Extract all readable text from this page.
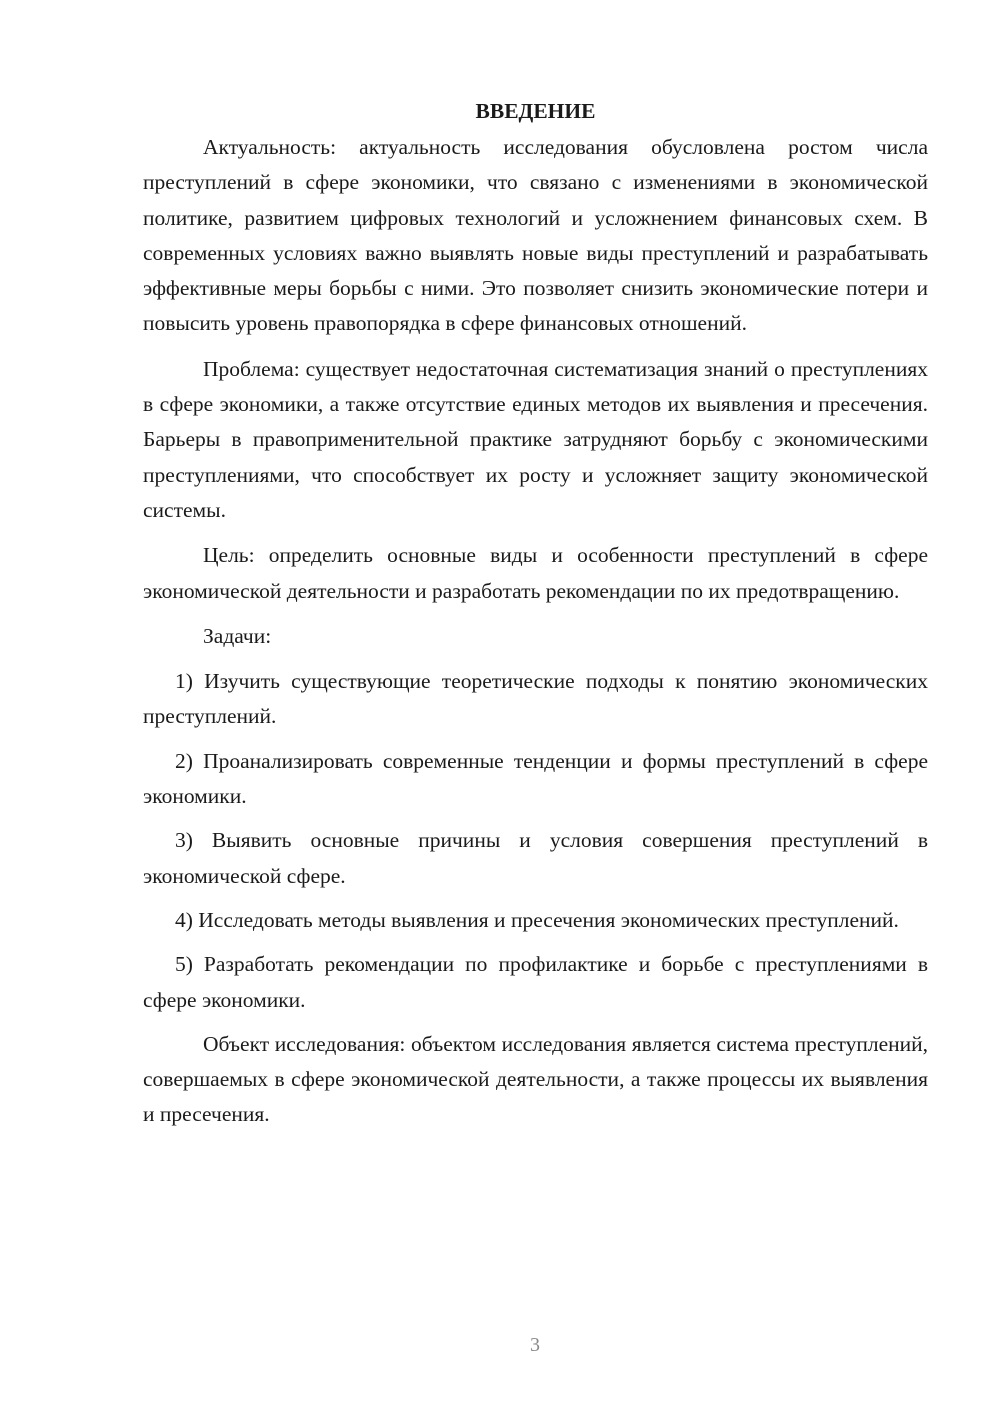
ВВЕДЕНИЕ

Актуальность: актуальность исследования обусловлена ростом числа преступлений в сфере экономики, что связано с изменениями в экономической политике, развитием цифровых технологий и усложнением финансовых схем. В современных условиях важно выявлять новые виды преступлений и разрабатывать эффективные меры борьбы с ними. Это позволяет снизить экономические потери и повысить уровень правопорядка в сфере финансовых отношений.

Проблема: существует недостаточная систематизация знаний о преступлениях в сфере экономики, а также отсутствие единых методов их выявления и пресечения. Барьеры в правоприменительной практике затрудняют борьбу с экономическими преступлениями, что способствует их росту и усложняет защиту экономической системы.

Цель: определить основные виды и особенности преступлений в сфере экономической деятельности и разработать рекомендации по их предотвращению.

Задачи:

1) Изучить существующие теоретические подходы к понятию экономических преступлений.

2) Проанализировать современные тенденции и формы преступлений в сфере экономики.

3) Выявить основные причины и условия совершения преступлений в экономической сфере.

4) Исследовать методы выявления и пресечения экономических преступлений.

5) Разработать рекомендации по профилактике и борьбе с преступлениями в сфере экономики.

Объект исследования: объектом исследования является система преступлений, совершаемых в сфере экономической деятельности, а также процессы их выявления и пресечения.

3
